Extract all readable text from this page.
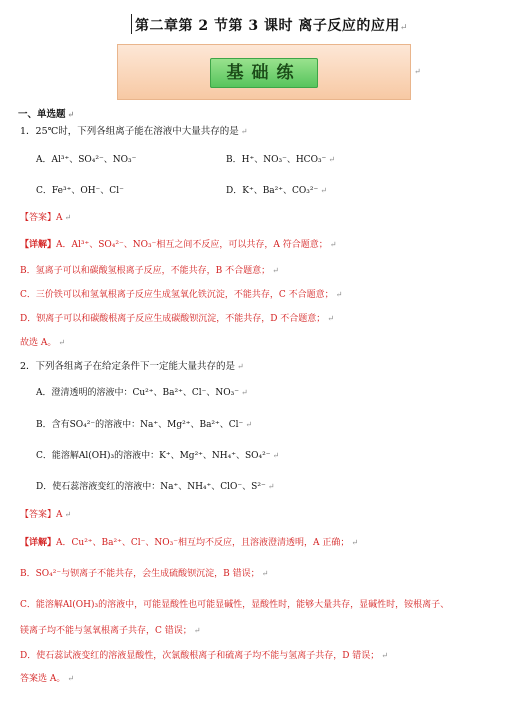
第二章第 2 节第 3 课时 离子反应的应用↵
基础练	↵
一、单选题 ↵
1．25℃时，下列各组离子能在溶液中大量共存的是 ↵
A．Al³⁺、SO₄²⁻、NO₃⁻	B．H⁺、NO₃⁻、HCO₃⁻ ↵
C．Fe³⁺、OH⁻、Cl⁻	D．K⁺、Ba²⁺、CO₃²⁻ ↵
【答案】A ↵
【详解】A．Al³⁺、SO₄²⁻、NO₃⁻相互之间不反应，可以共存，A 符合题意； ↵
B．氢离子可以和碳酸氢根离子反应，不能共存，B 不合题意； ↵
C．三价铁可以和氢氧根离子反应生成氢氧化铁沉淀，不能共存，C 不合题意； ↵
D．钡离子可以和碳酸根离子反应生成碳酸钡沉淀，不能共存，D 不合题意； ↵
故选 A。 ↵
2．下列各组离子在给定条件下一定能大量共存的是 ↵
A．澄清透明的溶液中：Cu²⁺、Ba²⁺、Cl⁻、NO₃⁻ ↵
B．含有SO₄²⁻的溶液中：Na⁺、Mg²⁺、Ba²⁺、Cl⁻ ↵
C．能溶解Al(OH)₃的溶液中：K⁺、Mg²⁺、NH₄⁺、SO₄²⁻ ↵
D．使石蕊溶液变红的溶液中：Na⁺、NH₄⁺、ClO⁻、S²⁻ ↵
【答案】A ↵
【详解】A．Cu²⁺、Ba²⁺、Cl⁻、NO₃⁻相互均不反应，且溶液澄清透明，A 正确； ↵
B．SO₄²⁻与钡离子不能共存，会生成硫酸钡沉淀，B 错误； ↵
C．能溶解Al(OH)₃的溶液中，可能显酸性也可能显碱性，显酸性时，能够大量共存，显碱性时，铵根离子、
镁离子均不能与氢氧根离子共存，C 错误； ↵
D．使石蕊试液变红的溶液显酸性，次氯酸根离子和硫离子均不能与氢离子共存，D 错误； ↵
答案选 A。 ↵
